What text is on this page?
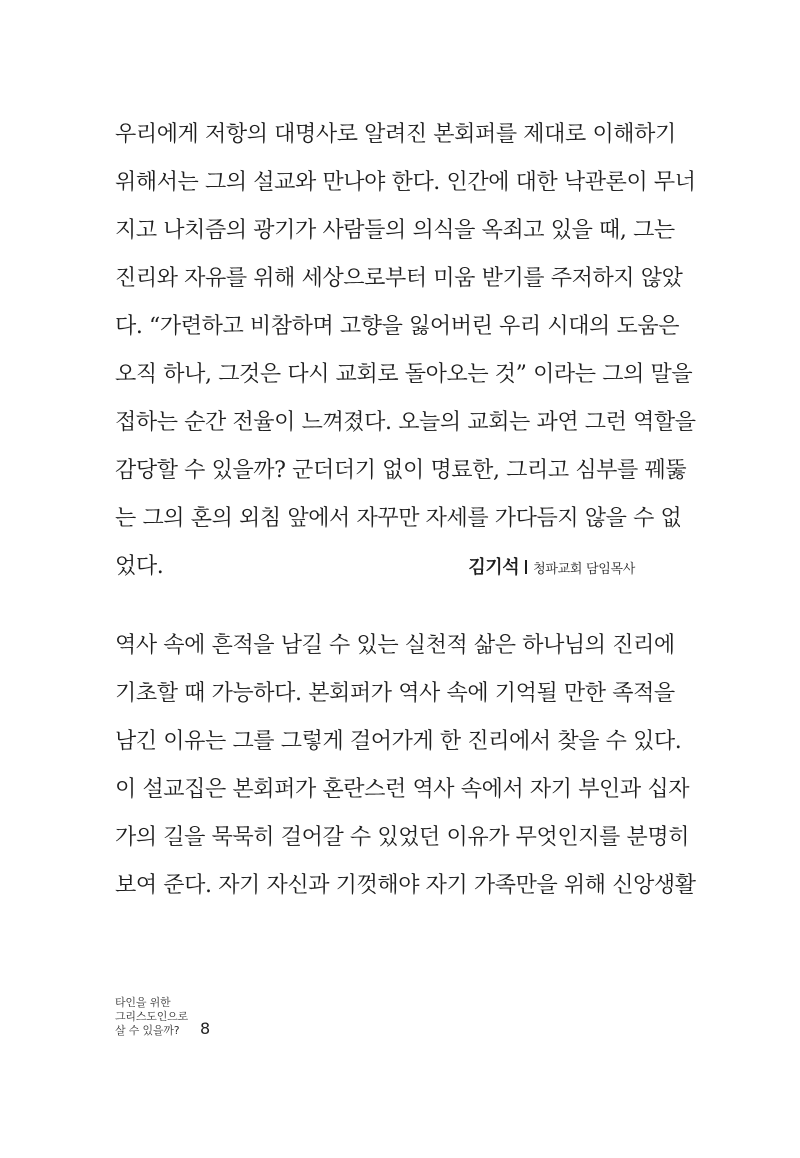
우리에게 저항의 대명사로 알려진 본회퍼를 제대로 이해하기
위해서는 그의 설교와 만나야 한다. 인간에 대한 낙관론이 무너
지고 나치즘의 광기가 사람들의 의식을 옥죄고 있을 때, 그는
진리와 자유를 위해 세상으로부터 미움 받기를 주저하지 않았
다. “가련하고 비참하며 고향을 잃어버린 우리 시대의 도움은
오직 하나, 그것은 다시 교회로 돌아오는 것” 이라는 그의 말을
접하는 순간 전율이 느껴졌다. 오늘의 교회는 과연 그런 역할을
감당할 수 있을까? 군더더기 없이 명료한, 그리고 심부를 꿰뚫
는 그의 혼의 외침 앞에서 자꾸만 자세를 가다듬지 않을 수 없
었다.	김기석 청파교회 담임목사
역사 속에 흔적을 남길 수 있는 실천적 삶은 하나님의 진리에
기초할 때 가능하다. 본회퍼가 역사 속에 기억될 만한 족적을
남긴 이유는 그를 그렇게 걸어가게 한 진리에서 찾을 수 있다.
이 설교집은 본회퍼가 혼란스런 역사 속에서 자기 부인과 십자
가의 길을 묵묵히 걸어갈 수 있었던 이유가 무엇인지를 분명히
보여 준다. 자기 자신과 기껏해야 자기 가족만을 위해 신앙생활
타인을 위한
그리스도인으로
살 수 있을까?	8
